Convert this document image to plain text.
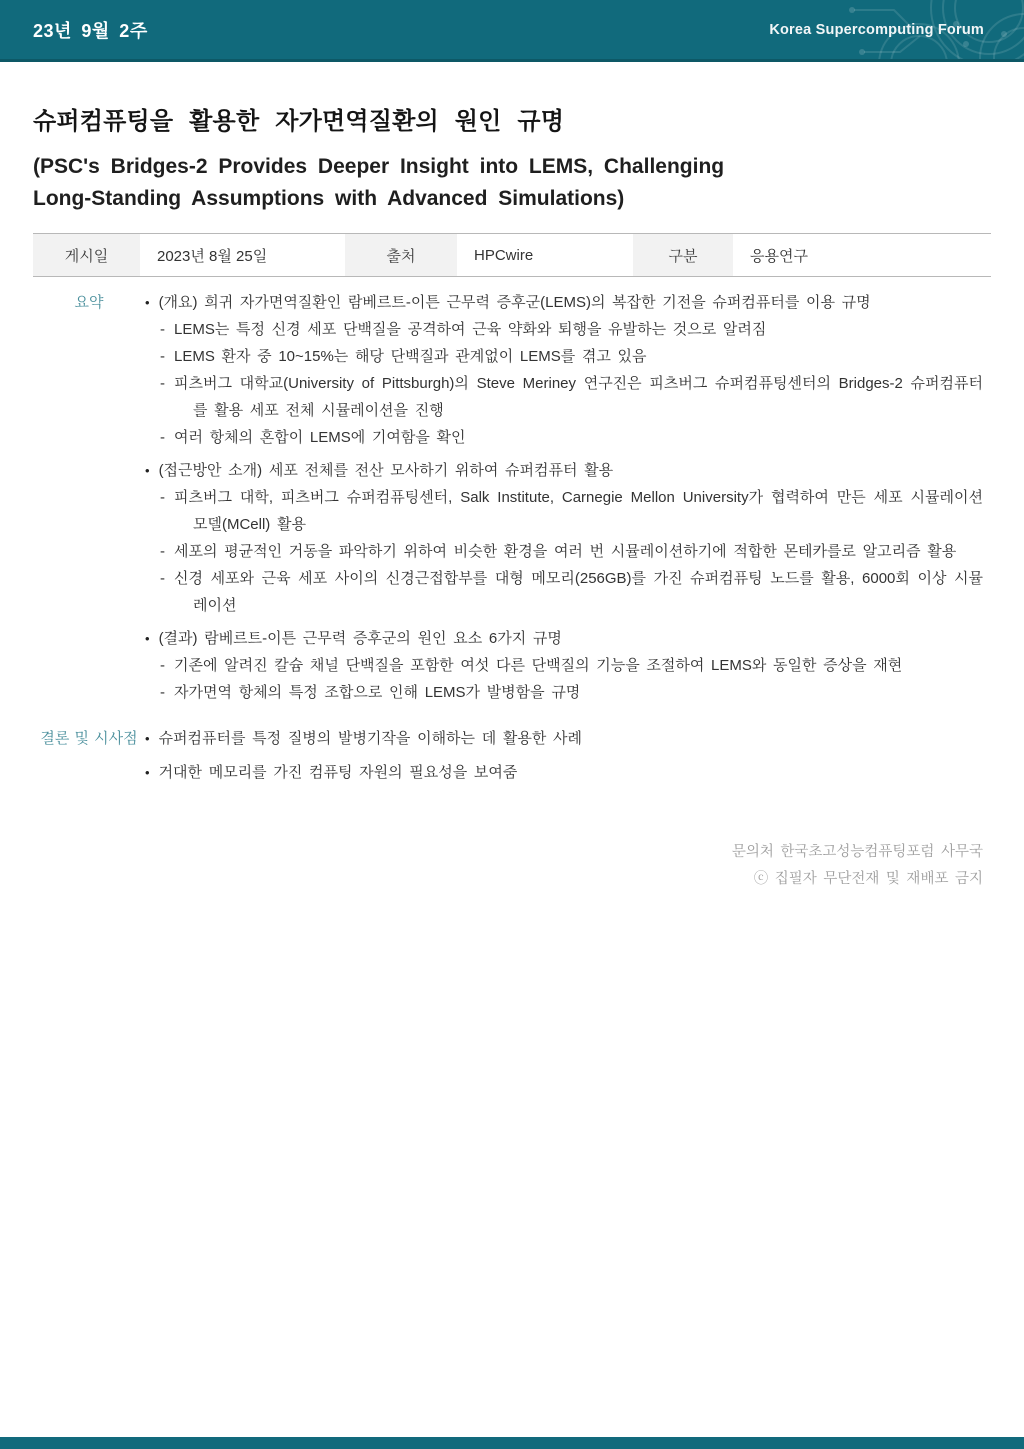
23년 9월 2주	Korea Supercomputing Forum
슈퍼컴퓨팅을 활용한 자가면역질환의 원인 규명
(PSC's Bridges-2 Provides Deeper Insight into LEMS, Challenging
Long-Standing Assumptions with Advanced Simulations)
게시일	2023년 8월 25일	출처	HPCwire	구분	응용연구
요약	• (개요) 희귀 자가면역질환인 람베르트-이튼 근무력 증후군(LEMS)의 복잡한 기전을 슈퍼컴퓨터를 이용 규명

- LEMS는 특정 신경 세포 단백질을 공격하여 근육 약화와 퇴행을 유발하는 것으로 알려짐

- LEMS 환자 중 10~15%는 해당 단백질과 관계없이 LEMS를 겪고 있음

- 피츠버그 대학교(University of Pittsburgh)의 Steve Meriney 연구진은 피츠버그 슈퍼컴퓨팅센터의 Bridges-2 슈퍼컴퓨터를 활용 세포 전체 시뮬레이션을 진행

- 여러 항체의 혼합이 LEMS에 기여함을 확인

• (접근방안 소개) 세포 전체를 전산 모사하기 위하여 슈퍼컴퓨터 활용

- 피츠버그 대학, 피츠버그 슈퍼컴퓨팅센터, Salk Institute, Carnegie Mellon University가 협력하여 만든 세포 시뮬레이션 모델(MCell) 활용

- 세포의 평균적인 거동을 파악하기 위하여 비슷한 환경을 여러 번 시뮬레이션하기에 적합한 몬테카를로 알고리즘 활용

- 신경 세포와 근육 세포 사이의 신경근접합부를 대형 메모리(256GB)를 가진 슈퍼컴퓨팅 노드를 활용, 6000회 이상 시뮬레이션

• (결과) 람베르트-이튼 근무력 증후군의 원인 요소 6가지 규명

- 기존에 알려진 칼슘 채널 단백질을 포함한 여섯 다른 단백질의 기능을 조절하여 LEMS와 동일한 증상을 재현

- 자가면역 항체의 특정 조합으로 인해 LEMS가 발병함을 규명

결론 및 시사점	• 슈퍼컴퓨터를 특정 질병의 발병기작을 이해하는 데 활용한 사례

• 거대한 메모리를 가진 컴퓨팅 자원의 필요성을 보여줌

문의처 한국초고성능컴퓨팅포럼 사무국
ⓒ 집필자 무단전재 및 재배포 금지
